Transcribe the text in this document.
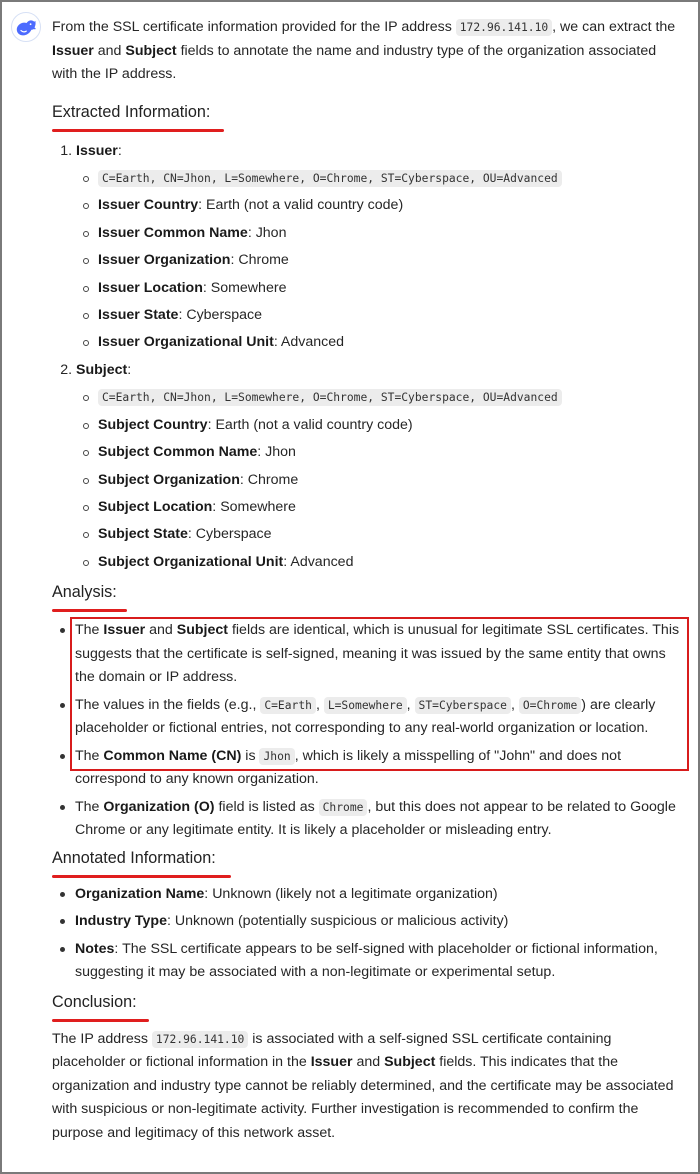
From the SSL certificate information provided for the IP address 172.96.141.10 , we can extract the Issuer and Subject fields to annotate the name and industry type of the organization associated with the IP address.

Extracted Information:
1. Issuer:
C=Earth, CN=Jhon, L=Somewhere, O=Chrome, ST=Cyberspace, OU=Advanced
Issuer Country: Earth (not a valid country code)
Issuer Common Name: Jhon
Issuer Organization: Chrome
Issuer Location: Somewhere
Issuer State: Cyberspace
Issuer Organizational Unit: Advanced
2. Subject:
C=Earth, CN=Jhon, L=Somewhere, O=Chrome, ST=Cyberspace, OU=Advanced
Subject Country: Earth (not a valid country code)
Subject Common Name: Jhon
Subject Organization: Chrome
Subject Location: Somewhere
Subject State: Cyberspace
Subject Organizational Unit: Advanced
Analysis:
The Issuer and Subject fields are identical, which is unusual for legitimate SSL certificates. This suggests that the certificate is self-signed, meaning it was issued by the same entity that owns the domain or IP address.
The values in the fields (e.g., C=Earth , L=Somewhere , ST=Cyberspace , O=Chrome ) are clearly placeholder or fictional entries, not corresponding to any real-world organization or location.
The Common Name (CN) is Jhon , which is likely a misspelling of "John" and does not correspond to any known organization.
The Organization (O) field is listed as Chrome , but this does not appear to be related to Google Chrome or any legitimate entity. It is likely a placeholder or misleading entry.
Annotated Information:
Organization Name: Unknown (likely not a legitimate organization)
Industry Type: Unknown (potentially suspicious or malicious activity)
Notes: The SSL certificate appears to be self-signed with placeholder or fictional information, suggesting it may be associated with a non-legitimate or experimental setup.
Conclusion:

The IP address 172.96.141.10 is associated with a self-signed SSL certificate containing placeholder or fictional information in the Issuer and Subject fields. This indicates that the organization and industry type cannot be reliably determined, and the certificate may be associated with suspicious or non-legitimate activity. Further investigation is recommended to confirm the purpose and legitimacy of this network asset.
